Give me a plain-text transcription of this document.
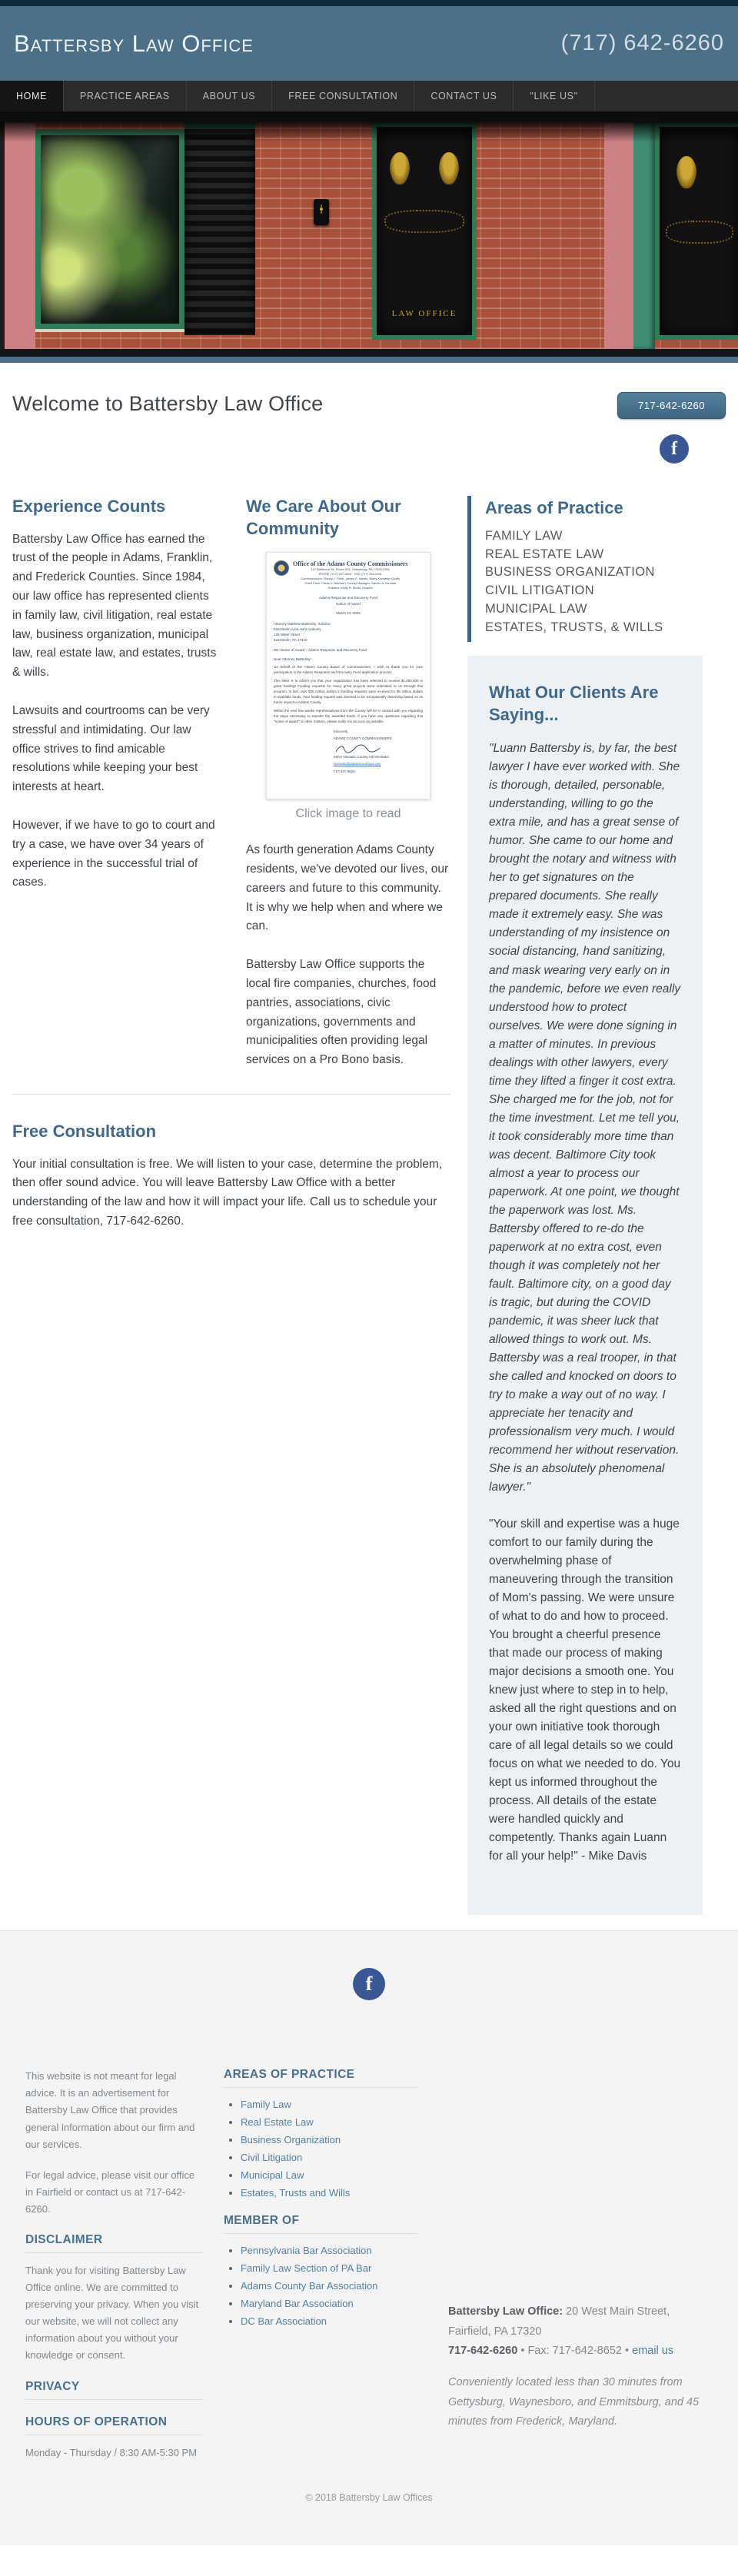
Battersby Law Office	(717) 642-6260
HOME	PRACTICE AREAS	ABOUT US	FREE CONSULTATION	CONTACT US	"LIKE US"
LAW OFFICE
Welcome to Battersby Law Office	717-642-6260
f
Experience Counts

Battersby Law Office has earned the trust of the people in Adams, Franklin, and Frederick Counties. Since 1984, our law office has represented clients in family law, civil litigation, real estate law, business organization, municipal law, real estate law, and estates, trusts & wills.

Lawsuits and courtrooms can be very stressful and intimidating. Our law office strives to find amicable resolutions while keeping your best interests at heart.

However, if we have to go to court and try a case, we have over 34 years of experience in the successful trial of cases.

We Care About Our Community
Office of the Adams County Commissioners
117 Baltimore St., Room 201, Gettysburg, PA 17325-2391
PHONE (717) 337-9820 · FAX (717) 334-2091
Commissioners: Randy L. Phiel, James E. Martin, Marty Karsteter Qually
Chief Clerk: Paula V. Neiman | County Manager: Steven A. Nevada
Solicitor: Molly R. Mudd, Esquire
Adams Response and Recovery Fund
Notice of Award
March 23, 2023
Attorney Matthew Battersby, Solicitor
East Berlin Area Joint Authority
128 Water Street
East Berlin, PA 17316
RE: Notice of Award – Adams Response and Recovery Fund
Dear Attorney Battersby:

On behalf of the Adams County Board of Commissioners, I wish to thank you for your participation in the Adams Response and Recovery Fund application process.

This letter is to inform you that your organization has been selected to receive $1,000,000 in grant funding! Funding requests for many great projects were submitted to us through this program. In fact, over $25 million dollars in funding requests were received for $5 million dollars in available funds. Your funding request was deemed to be exceptionally deserving based on its future impact to Adams County.

Within the next few weeks representatives from the County will be in contact with you regarding the steps necessary to transfer the awarded funds. If you have any questions regarding this "notice of award" or other matters, please notify me as soon as possible.

Sincerely,
ADAMS COUNTY COMMISSIONERS
Steve Nevada, County Administrator
snevada@adamscountypa.gov
717-337-9820
Click image to read

As fourth generation Adams County residents, we've devoted our lives, our careers and future to this community. It is why we help when and where we can.

Battersby Law Office supports the local fire companies, churches, food pantries, associations, civic organizations, governments and municipalities often providing legal services on a Pro Bono basis.

Free Consultation

Your initial consultation is free. We will listen to your case, determine the problem, then offer sound advice. You will leave Battersby Law Office with a better understanding of the law and how it will impact your life. Call us to schedule your free consultation, 717-642-6260.

Areas of Practice
FAMILY LAW
REAL ESTATE LAW
BUSINESS ORGANIZATION
CIVIL LITIGATION
MUNICIPAL LAW
ESTATES, TRUSTS, & WILLS
What Our Clients Are Saying...

"Luann Battersby is, by far, the best lawyer I have ever worked with. She is thorough, detailed, personable, understanding, willing to go the extra mile, and has a great sense of humor. She came to our home and brought the notary and witness with her to get signatures on the prepared documents. She really made it extremely easy. She was understanding of my insistence on social distancing, hand sanitizing, and mask wearing very early on in the pandemic, before we even really understood how to protect ourselves. We were done signing in a matter of minutes. In previous dealings with other lawyers, every time they lifted a finger it cost extra. She charged me for the job, not for the time investment. Let me tell you, it took considerably more time than was decent. Baltimore City took almost a year to process our paperwork. At one point, we thought the paperwork was lost. Ms. Battersby offered to re-do the paperwork at no extra cost, even though it was completely not her fault. Baltimore city, on a good day is tragic, but during the COVID pandemic, it was sheer luck that allowed things to work out. Ms. Battersby was a real trooper, in that she called and knocked on doors to try to make a way out of no way. I appreciate her tenacity and professionalism very much. I would recommend her without reservation. She is an absolutely phenomenal lawyer."

"Your skill and expertise was a huge comfort to our family during the overwhelming phase of maneuvering through the transition of Mom's passing. We were unsure of what to do and how to proceed. You brought a cheerful presence that made our process of making major decisions a smooth one. You knew just where to step in to help, asked all the right questions and on your own initiative took thorough care of all legal details so we could focus on what we needed to do. You kept us informed throughout the process. All details of the estate were handled quickly and competently. Thanks again Luann for all your help!" - Mike Davis

f

This website is not meant for legal advice. It is an advertisement for Battersby Law Office that provides general information about our firm and our services.

For legal advice, please visit our office in Fairfield or contact us at 717-642-6260.

DISCLAIMER

Thank you for visiting Battersby Law Office online. We are committed to preserving your privacy. When you visit our website, we will not collect any information about you without your knowledge or consent.

PRIVACY
HOURS OF OPERATION

Monday - Thursday / 8:30 AM-5:30 PM

AREAS OF PRACTICE
• Family Law
• Real Estate Law
• Business Organization
• Civil Litigation
• Municipal Law
• Estates, Trusts and Wills
MEMBER OF
• Pennsylvania Bar Association
• Family Law Section of PA Bar
• Adams County Bar Association
• Maryland Bar Association
• DC Bar Association
Battersby Law Office: 20 West Main Street, Fairfield, PA 17320
717-642-6260 • Fax: 717-642-8652 • email us

Conveniently located less than 30 minutes from Gettysburg, Waynesboro, and Emmitsburg, and 45 minutes from Frederick, Maryland.

© 2018 Battersby Law Offices
